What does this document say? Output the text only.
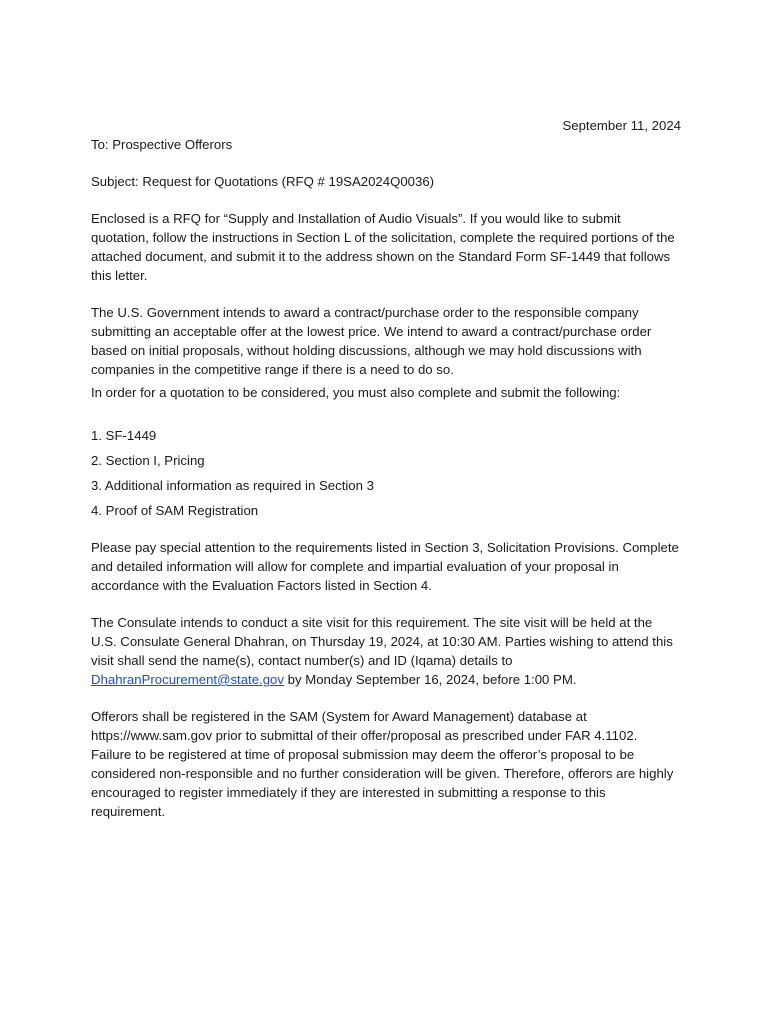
September 11, 2024

To: Prospective Offerors

Subject: Request for Quotations (RFQ # 19SA2024Q0036)

Enclosed is a RFQ for “Supply and Installation of Audio Visuals”. If you would like to submit quotation, follow the instructions in Section L of the solicitation, complete the required portions of the attached document, and submit it to the address shown on the Standard Form SF-1449 that follows this letter.

The U.S. Government intends to award a contract/purchase order to the responsible company submitting an acceptable offer at the lowest price. We intend to award a contract/purchase order based on initial proposals, without holding discussions, although we may hold discussions with companies in the competitive range if there is a need to do so.

In order for a quotation to be considered, you must also complete and submit the following:

1. SF-1449
2. Section I, Pricing
3. Additional information as required in Section 3
4. Proof of SAM Registration

Please pay special attention to the requirements listed in Section 3, Solicitation Provisions. Complete and detailed information will allow for complete and impartial evaluation of your proposal in accordance with the Evaluation Factors listed in Section 4.

The Consulate intends to conduct a site visit for this requirement. The site visit will be held at the U.S. Consulate General Dhahran, on Thursday 19, 2024, at 10:30 AM. Parties wishing to attend this visit shall send the name(s), contact number(s) and ID (Iqama) details to DhahranProcurement@state.gov by Monday September 16, 2024, before 1:00 PM.

Offerors shall be registered in the SAM (System for Award Management) database at https://www.sam.gov prior to submittal of their offer/proposal as prescribed under FAR 4.1102. Failure to be registered at time of proposal submission may deem the offeror’s proposal to be considered non-responsible and no further consideration will be given. Therefore, offerors are highly encouraged to register immediately if they are interested in submitting a response to this requirement.
